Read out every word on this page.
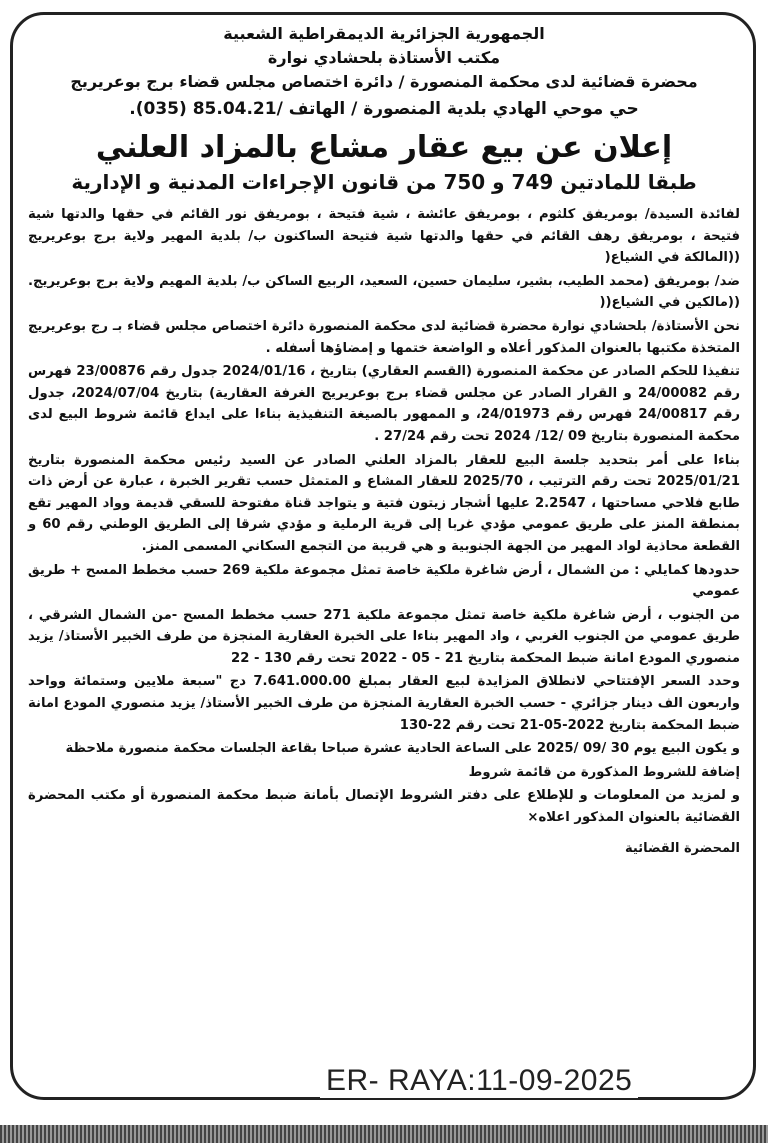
الجمهورية الجزائرية الديمقراطية الشعبية

مكتب الأستاذة بلحشادي نوارة

محضرة قضائية لدى محكمة المنصورة / دائرة اختصاص مجلس قضاء برج بوعريريج

حي موحي الهادي بلدية المنصورة / الهاتف /85.04.21 (035).

إعلان عن بيع عقار مشاع بالمزاد العلني

طبقا للمادتين 749 و 750 من قانون الإجراءات المدنية و الإدارية

لفائدة السيدة/ بومريفق كلثوم ، بومريفق عائشة ، شية فتيحة ، بومريفق نور القائم في حقها والدتها شية فتيحة ، بومريفق رهف القائم في حقها والدتها شية فتيحة الساكنون ب/ بلدية المهير ولاية برج بوعريريج ((المالكة في الشياع(

ضد/ بومريفق (محمد الطيب، بشير، سليمان حسين، السعيد، الربيع الساكن ب/ بلدية المهيم ولاية برج بوعريريج. ((مالكين في الشياع((

نحن الأستاذة/ بلحشادي نوارة محضرة قضائية لدى محكمة المنصورة دائرة اختصاص مجلس قضاء بـ رج بوعريريج المتخذة مكتبها بالعنوان المذكور أعلاه و الواضعة ختمها و إمضاؤها أسفله .

تنفيذا للحكم الصادر عن محكمة المنصورة (القسم العقاري) بتاريخ ، 2024/01/16 جدول رقم 23/00876 فهرس رقم 24/00082 و القرار الصادر عن مجلس قضاء برج بوعريريج الغرفة العقارية) بتاريخ 2024/07/04، جدول رقم 24/00817 فهرس رقم 24/01973، و الممهور بالصيغة التنفيذية بناءا على ايداع قائمة شروط البيع لدى محكمة المنصورة بتاريخ 09 /12/ 2024 تحت رقم 27/24 .

بناءا على أمر بتحديد جلسة البيع للعقار بالمزاد العلني الصادر عن السيد رئيس محكمة المنصورة بتاريخ 2025/01/21 تحت رقم الترتيب ، 2025/70 للعقار المشاع و المتمثل حسب تقرير الخبرة ، عبارة عن أرض ذات طابع فلاحي مساحتها ، 2.2547 عليها أشجار زيتون فتية و يتواجد قناة مفتوحة للسقي قديمة وواد المهير تقع بمنطقة المنز على طريق عمومي مؤدي غربا إلى قرية الرملية و مؤدي شرقا إلى الطريق الوطني رقم 60 و القطعة محاذية لواد المهير من الجهة الجنوبية و هي قريبة من التجمع السكاني المسمى المنز.

حدودها كمايلي : من الشمال ، أرض شاغرة ملكية خاصة تمثل مجموعة ملكية 269 حسب مخطط المسح + طريق عمومي

من الجنوب ، أرض شاغرة ملكية خاصة تمثل مجموعة ملكية 271 حسب مخطط المسح -من الشمال الشرقي ، طريق عمومي من الجنوب الغربي ، واد المهير بناءا على الخبرة العقارية المنجزة من طرف الخبير الأستاذ/ يزيد منصوري المودع امانة ضبط المحكمة بتاريخ 21 - 05 - 2022 تحت رقم 130 - 22

وحدد السعر الإفتتاحي لانطلاق المزايدة لبيع العقار بمبلغ 7.641.000.00 دج "سبعة ملايين وستمائة وواحد واربعون الف دينار جزائري - حسب الخبرة العقارية المنجزة من طرف الخبير الأستاذ/ يزيد منصوري المودع امانة ضبط المحكمة بتاريخ 2022-05-21 تحت رقم 22-130

و يكون البيع يوم 30 /09 /2025 على الساعة الحادية عشرة صباحا بقاعة الجلسات محكمة منصورة ملاحظة

إضافة للشروط المذكورة من قائمة شروط

و لمزيد من المعلومات و للإطلاع على دفتر الشروط الإتصال بأمانة ضبط محكمة المنصورة أو مكتب المحضرة القضائية بالعنوان المذكور اعلاه×

المحضرة القضائية
ER- RAYA:11-09-2025
